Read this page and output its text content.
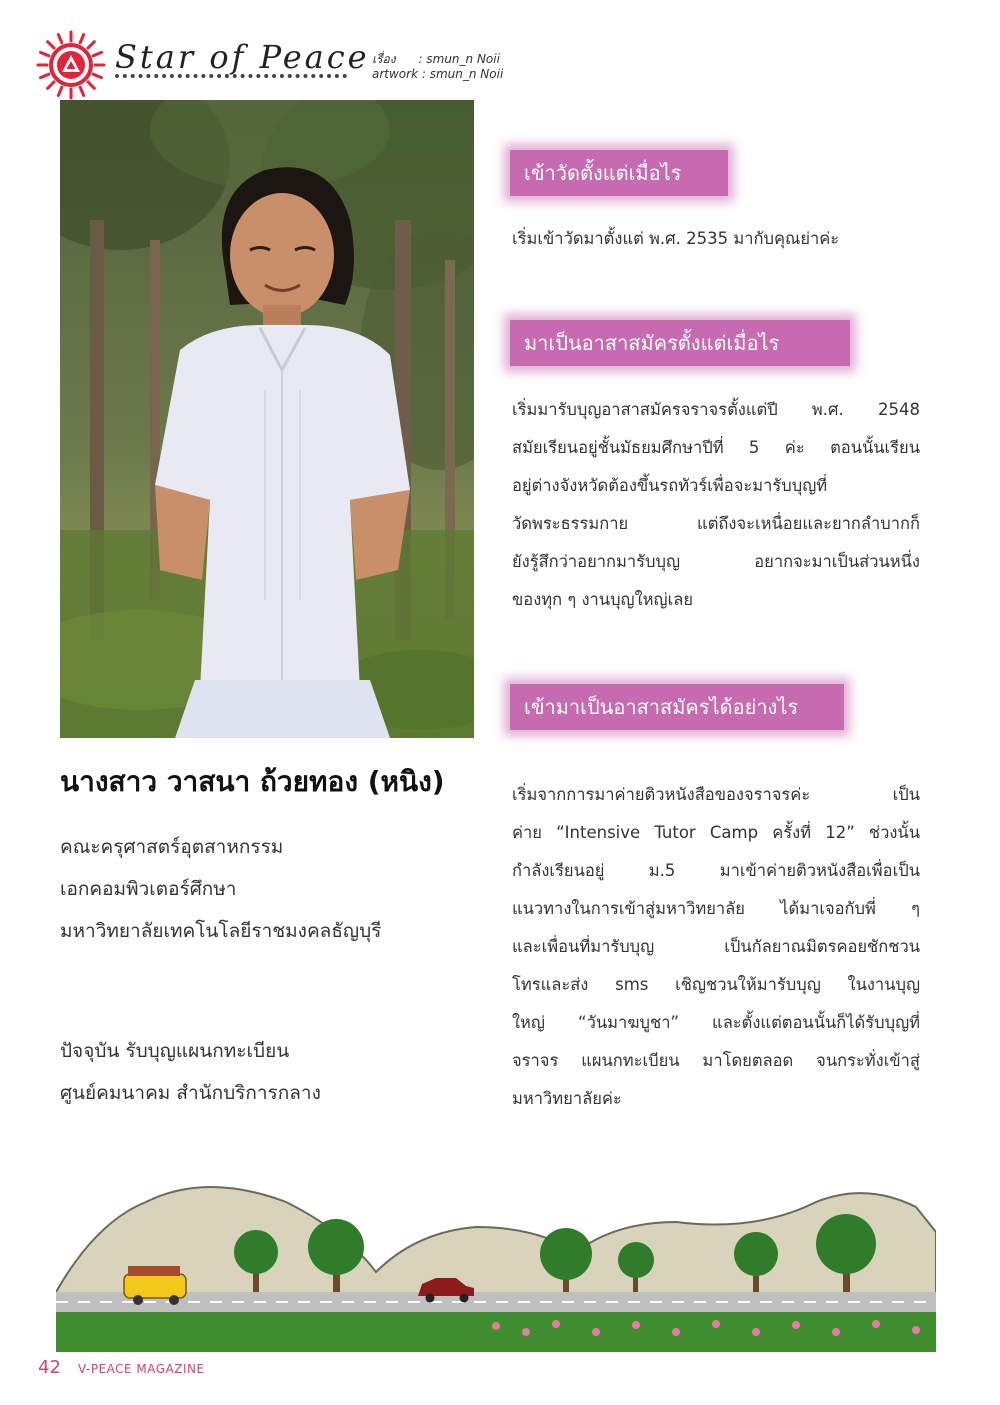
Star of Peace เรื่อง : smun_n Noii
artwork : smun_n Noii
เข้าวัดตั้งแต่เมื่อไร
เริ่มเข้าวัดมาตั้งแต่ พ.ศ. 2535 มากับคุณย่าค่ะ
มาเป็นอาสาสมัครตั้งแต่เมื่อไร
เริ่มมารับบุญอาสาสมัครจราจรตั้งแต่ปี พ.ศ. 2548
สมัยเรียนอยู่ชั้นมัธยมศึกษาปีที่ 5 ค่ะ ตอนนั้นเรียน
อยู่ต่างจังหวัดต้องขึ้นรถทัวร์เพื่อจะมารับบุญที่
วัดพระธรรมกาย แต่ถึงจะเหนื่อยและยากลำบากก็
ยังรู้สึกว่าอยากมารับบุญ อยากจะมาเป็นส่วนหนึ่ง
ของทุก ๆ งานบุญใหญ่เลย
เข้ามาเป็นอาสาสมัครได้อย่างไร
เริ่มจากการมาค่ายติวหนังสือของจราจรค่ะ เป็น
ค่าย “Intensive Tutor Camp ครั้งที่ 12” ช่วงนั้น
กำลังเรียนอยู่ ม.5 มาเข้าค่ายติวหนังสือเพื่อเป็น
แนวทางในการเข้าสู่มหาวิทยาลัย ได้มาเจอกับพี่ ๆ
และเพื่อนที่มารับบุญ เป็นกัลยาณมิตรคอยชักชวน
โทรและส่ง sms เชิญชวนให้มารับบุญ ในงานบุญ
ใหญ่ “วันมาฆบูชา” และตั้งแต่ตอนนั้นก็ได้รับบุญที่
จราจร แผนกทะเบียน มาโดยตลอด จนกระทั่งเข้าสู่
มหาวิทยาลัยค่ะ
นางสาว วาสนา ถ้วยทอง (หนิง)
คณะครุศาสตร์อุตสาหกรรม
เอกคอมพิวเตอร์ศึกษา
มหาวิทยาลัยเทคโนโลยีราชมงคลธัญบุรี
ปัจจุบัน รับบุญแผนกทะเบียน
ศูนย์คมนาคม สำนักบริการกลาง
42 V-PEACE MAGAZINE
